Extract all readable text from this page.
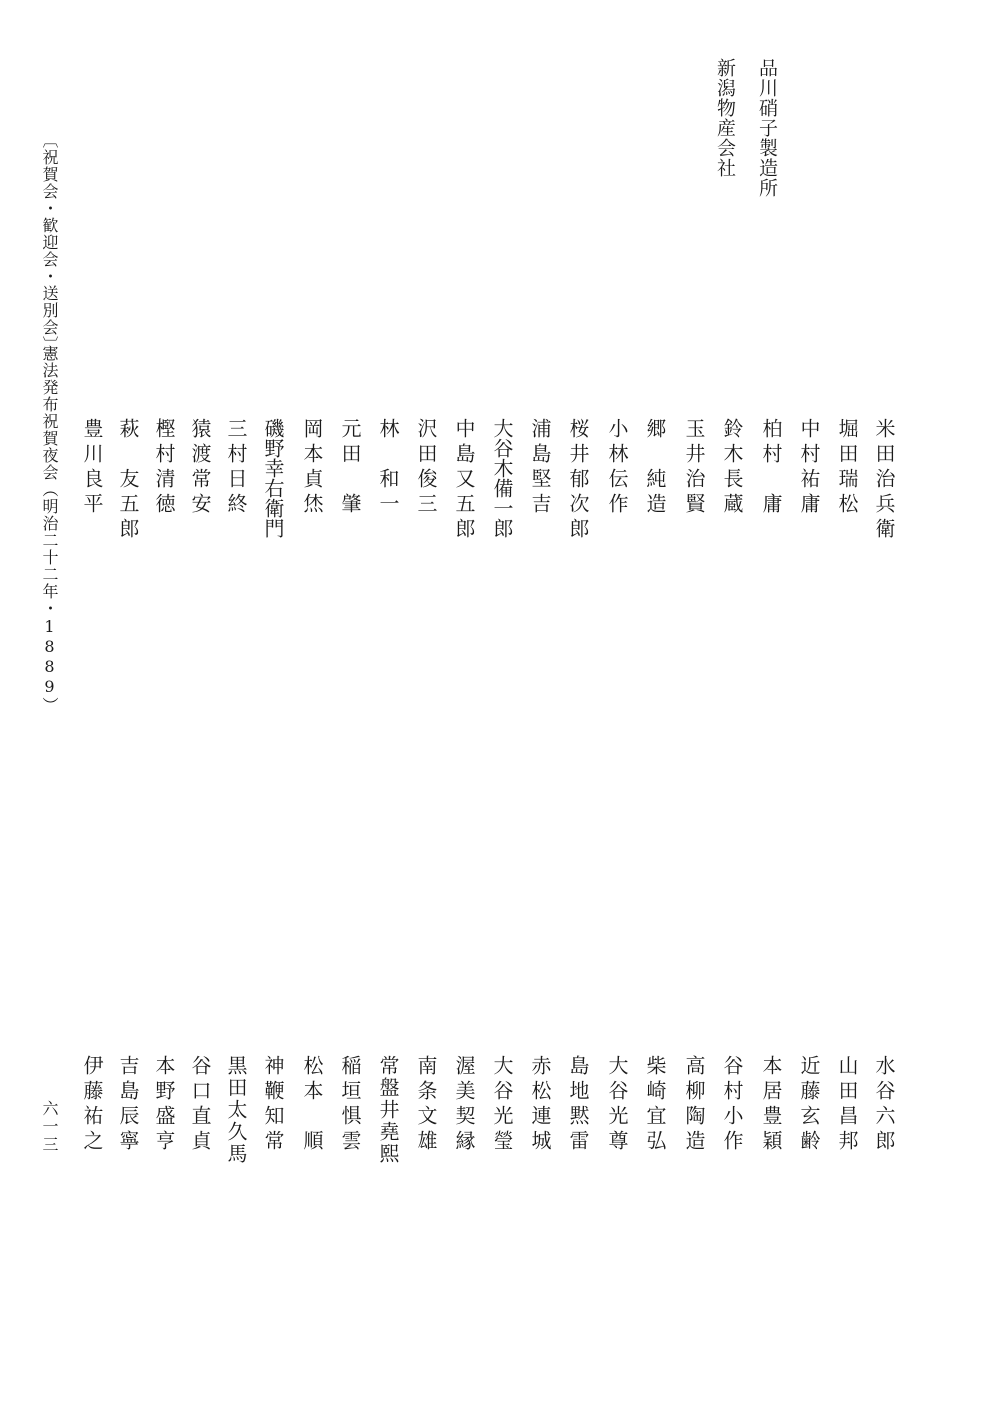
品川硝子製造所

新潟物産会社

米田治兵衛

堀田瑞松

中村祐庸

柏村　庸

鈴木長蔵

玉井治賢

郷　純造

小林伝作

桜井郁次郎

浦島堅吉

大谷木備一郎

中島又五郎

沢田俊三

林　和一

元田　肇

岡本貞烋

磯野幸右衛門

三村日終

猿渡常安

樫村清徳

萩　友五郎

豊川良平

水谷六郎

山田昌邦

近藤玄齢

本居豊穎

谷村小作

高柳陶造

柴崎宜弘

大谷光尊

島地黙雷

赤松連城

大谷光瑩

渥美契縁

南条文雄

常盤井堯熙

稲垣惧雲

松本　順

神鞭知常

黒田太久馬

谷口直貞

本野盛亨

吉島辰寧

伊藤祐之

〔祝賀会・歓迎会・送別会〕

憲法発布祝賀夜会（明治二十二年・1889）

六一三
